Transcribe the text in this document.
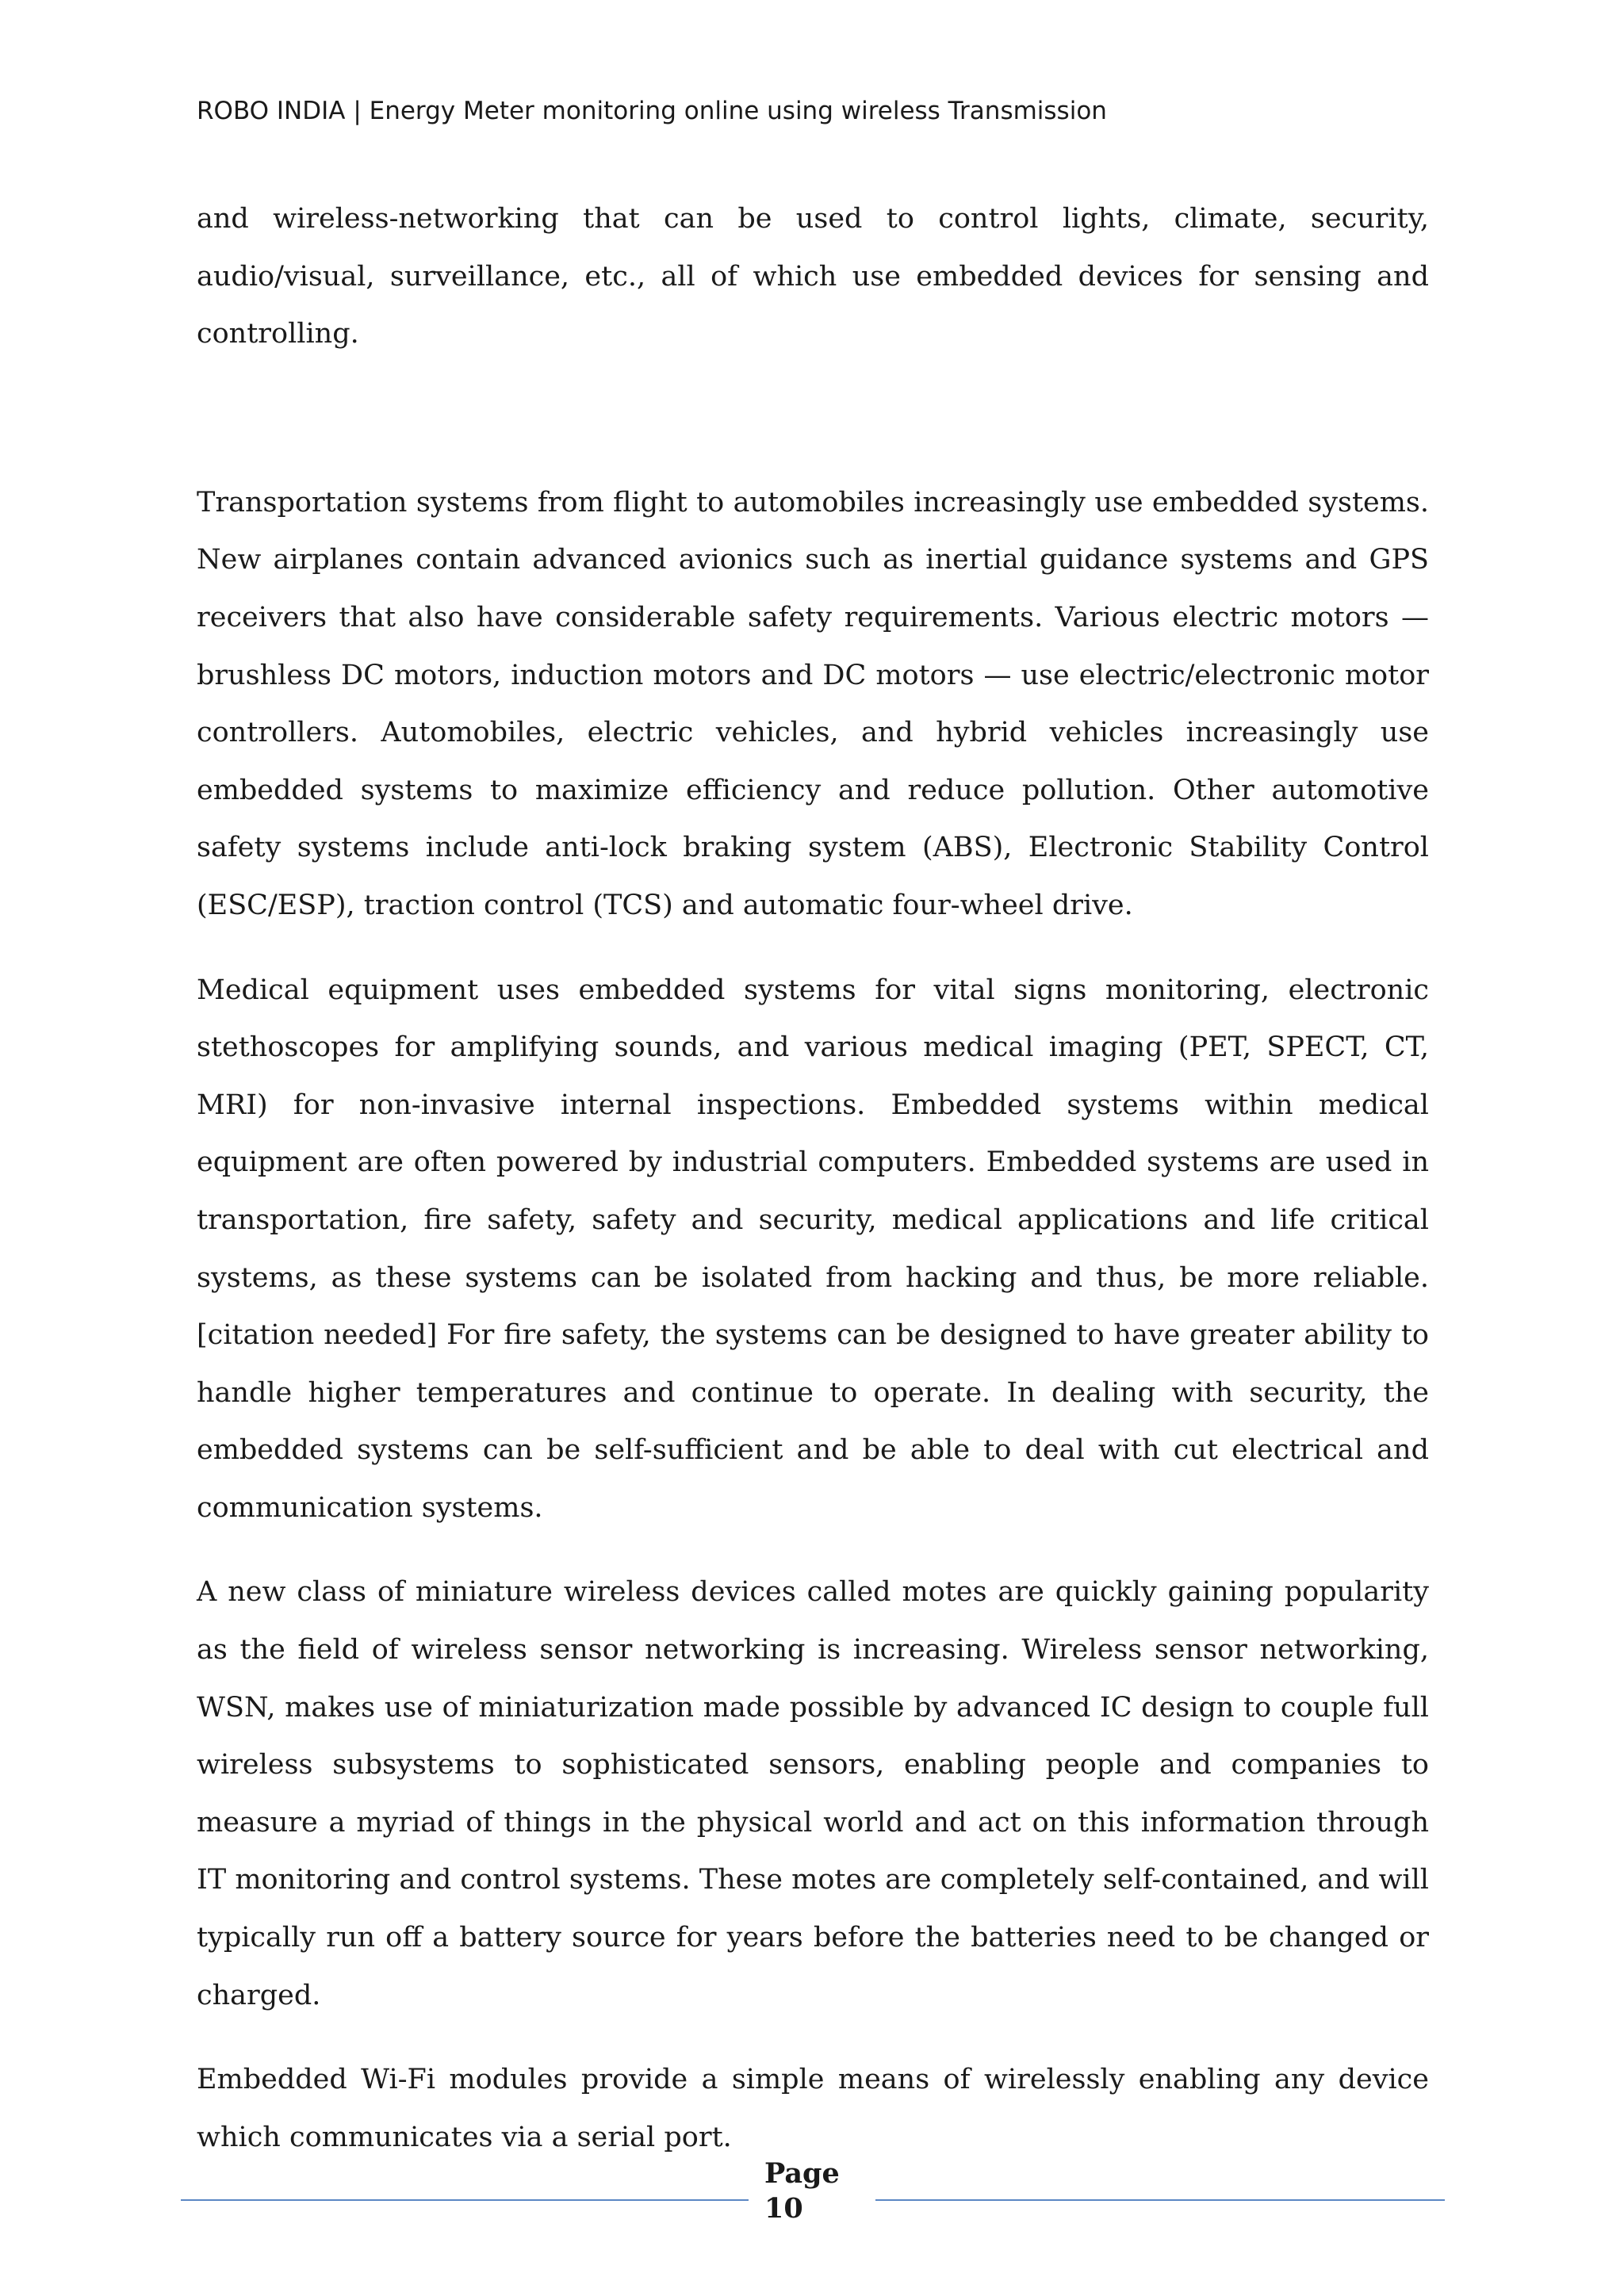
ROBO INDIA | Energy Meter monitoring online using wireless Transmission

and wireless-networking that can be used to control lights, climate, security, audio/visual, surveillance, etc., all of which use embedded devices for sensing and controlling.

Transportation systems from flight to automobiles increasingly use embedded systems. New airplanes contain advanced avionics such as inertial guidance systems and GPS receivers that also have considerable safety requirements. Various electric motors — brushless DC motors, induction motors and DC motors — use electric/electronic motor controllers. Automobiles, electric vehicles, and hybrid vehicles increasingly use embedded systems to maximize efficiency and reduce pollution. Other automotive safety systems include anti-lock braking system (ABS), Electronic Stability Control (ESC/ESP), traction control (TCS) and automatic four-wheel drive.

Medical equipment uses embedded systems for vital signs monitoring, electronic stethoscopes for amplifying sounds, and various medical imaging (PET, SPECT, CT, MRI) for non-invasive internal inspections. Embedded systems within medical equipment are often powered by industrial computers. Embedded systems are used in transportation, fire safety, safety and security, medical applications and life critical systems, as these systems can be isolated from hacking and thus, be more reliable.[citation needed] For fire safety, the systems can be designed to have greater ability to handle higher temperatures and continue to operate. In dealing with security, the embedded systems can be self-sufficient and be able to deal with cut electrical and communication systems.

A new class of miniature wireless devices called motes are quickly gaining popularity as the field of wireless sensor networking is increasing. Wireless sensor networking, WSN, makes use of miniaturization made possible by advanced IC design to couple full wireless subsystems to sophisticated sensors, enabling people and companies to measure a myriad of things in the physical world and act on this information through IT monitoring and control systems. These motes are completely self-contained, and will typically run off a battery source for years before the batteries need to be changed or charged.

Embedded Wi-Fi modules provide a simple means of wirelessly enabling any device which communicates via a serial port.

Page
10
